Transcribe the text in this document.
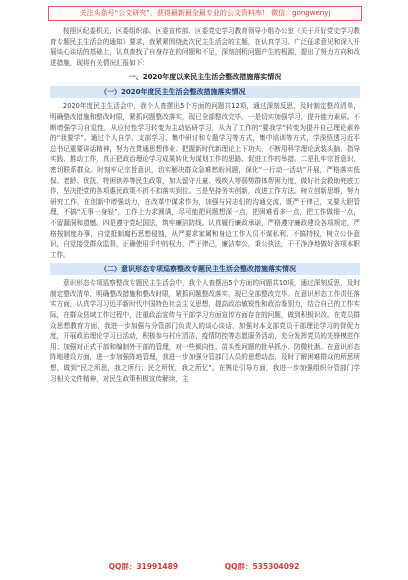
关注头条号“公文研究”，获得最新最全最专业的公文资料库！ 微信：gongwenyj

按照区纪委机关、区委组织部、区委宣传部、区委党史学习教育领导小组办公室《关于开好党史学习教育专题民主生活会的通知》要求，我紧紧围绕此次民主生活会的主题，在认真学习、广泛征求意见和深入开展谈心谈话的基础上，认真查找了自身存在的问题和不足，深刻剖析问题产生的根源，提出了努力方向和改进措施，现将有关情况汇报如下：

一、2020年度以来民主生活会整改措施落实情况
（一）2020年度民主生活会整改措施落实情况

2020年度民主生活会中，我个人查摆出5个方面的问题共12项，通过深刻反思，及时制定整改清单，明确整改措施和整改时限，紧抓问题整改落实，现已全部整改完毕。一是切实加强学习，提升能力素质。不断增强学习自觉性，从应付性学习转变为主动钻研学习，从为了工作的“要我学”转变为提升自己理论素养的“我要学”。通过个人自学、支部学习、集中研讨和专题学习等方式，集中培训等方式，学深悟透习近平总书记重要讲话精神，努力在贯通思想伟业、把握新时代新理论上下功夫，不断用科学理论武装头脑、指导实践、推动工作，真正把政治理论学习成果转化为谋划工作的思路、促进工作的举措。二是扎牢宗旨意识，密切联系群众。时刻牢记宗旨意识，切实解决群众急难愁盼问题，深化“一行动一活动”开展，严格落实低保、老龄、优抚、特困供养等民生政策，加大留守儿童、残疾人等弱势群体帮困力度，做好社会救助兜底工作，坚决把党的各项惠民政策不折不扣落实到位。三是坚持务实创新，改进工作方法。树立创新思维，努力研究工作，在创新中增强动力，在改革中谋求作为，加强与同志们的沟通交流，既严于律己，又要大胆管理，不搞“无事一身轻”，工作上力求圆满，尽可能把问题想深一点，把困难看多一点，把工作做细一点，不留漏洞和遗憾。四是遵守党纪国法，筑牢廉洁防线。认真履行廉政承诺，严格遵守廉政建设各项规定，严格按制度办事，自觉抵制腐朽思想侵蚀，从严要求家属和身边工作人员不谋私利、不搞特权，树立公仆意识，自觉接受群众监督，正确使用手中的权力，严于律己，廉洁奉公，秉公执法，干干净净地做好各项本职工作。

（二）意识形态专项巡察整改专题民主生活会整改措施落实情况

意识形态专项巡察整改专题民主生活会中，我个人查摆出5个方面的问题共10项，通过深刻反思，及时制定整改清单，明确整改措施和整改时限，紧抓问题整改落实，现已全部整改完毕。在意识形态工作责任落实方面，认真学习习近平新时代中国特色社会主义思想，提高政治敏锐性和政治鉴别力，结合自己的工作实际，在群众县域工作过程中，注重政治宣传与干部学习方面宣传方面存在的问题，做到积极识改。在党员群众思想教育方面，我进一步加强与分管部门负责人的谈心谈话，加强对本支部党员干部理论学习的督促力度，开展政治理论学习日活动，积极参与村庄清洁、疫情防控等志愿服务活动，充分发挥党员的先锋模范作用；加强对正式干部和编制外干部的管理，对一些倾向性、苗头性问题的批早抓小、防微杜渐。在意识形态阵地建设方面，进一步加强阵地管理，我进一步加强分管部门人员的思想动态，及时了解困难群众的所思所想，做到“民之所思，我之所行；民之所忧，我之所忆”。在舆论引导方面，我进一步加强组织分管部门学习相关文件精神，对民生政策积极宣传解读，主

QQ群：31991489	QQ群：535304092
